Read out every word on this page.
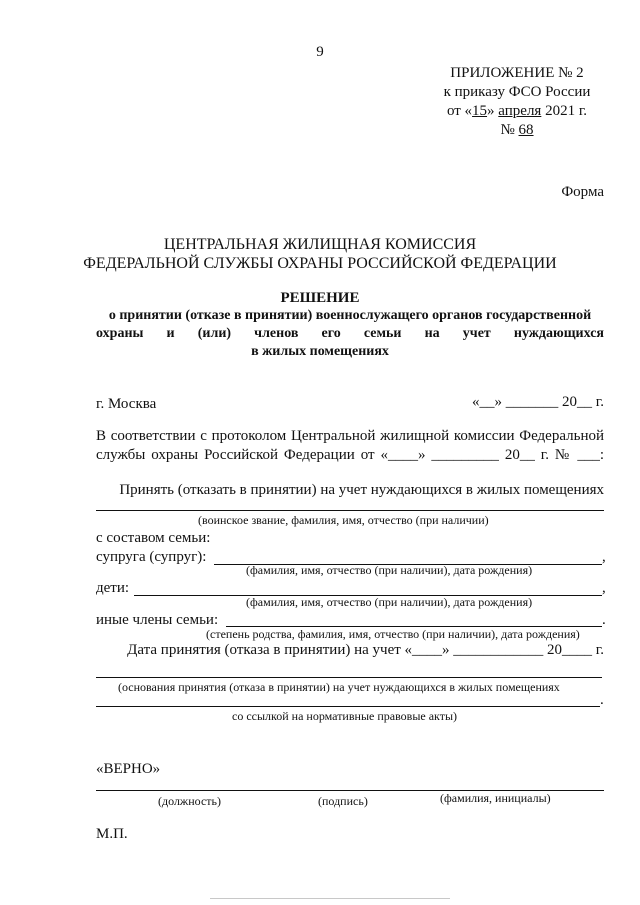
9
ПРИЛОЖЕНИЕ № 2
к приказу ФСО России
от «15» апреля 2021 г.
№ 68
Форма
ЦЕНТРАЛЬНАЯ ЖИЛИЩНАЯ КОМИССИЯ
ФЕДЕРАЛЬНОЙ СЛУЖБЫ ОХРАНЫ РОССИЙСКОЙ ФЕДЕРАЦИИ
РЕШЕНИЕ
о принятии (отказе в принятии) военнослужащего органов государственной
охраны и (или) членов его семьи на учет нуждающихся
в жилых помещениях
г. Москва	«__» _______ 20__ г.
В соответствии с протоколом Центральной жилищной комиссии Федеральной
службы охраны Российской Федерации от «____» _________ 20__ г. № ___:
Принять (отказать в принятии) на учет нуждающихся в жилых помещениях
(воинское звание, фамилия, имя, отчество (при наличии)
с составом семьи:
супруга (супруг):	,
(фамилия, имя, отчество (при наличии), дата рождения)
дети:	,
(фамилия, имя, отчество (при наличии), дата рождения)
иные члены семьи:	.
(степень родства, фамилия, имя, отчество (при наличии), дата рождения)
Дата принятия (отказа в принятии) на учет «____» ____________ 20____ г.
(основания принятия (отказа в принятии) на учет нуждающихся в жилых помещениях
.
со ссылкой на нормативные правовые акты)
«ВЕРНО»
(должность)	(подпись)	(фамилия, инициалы)
М.П.
